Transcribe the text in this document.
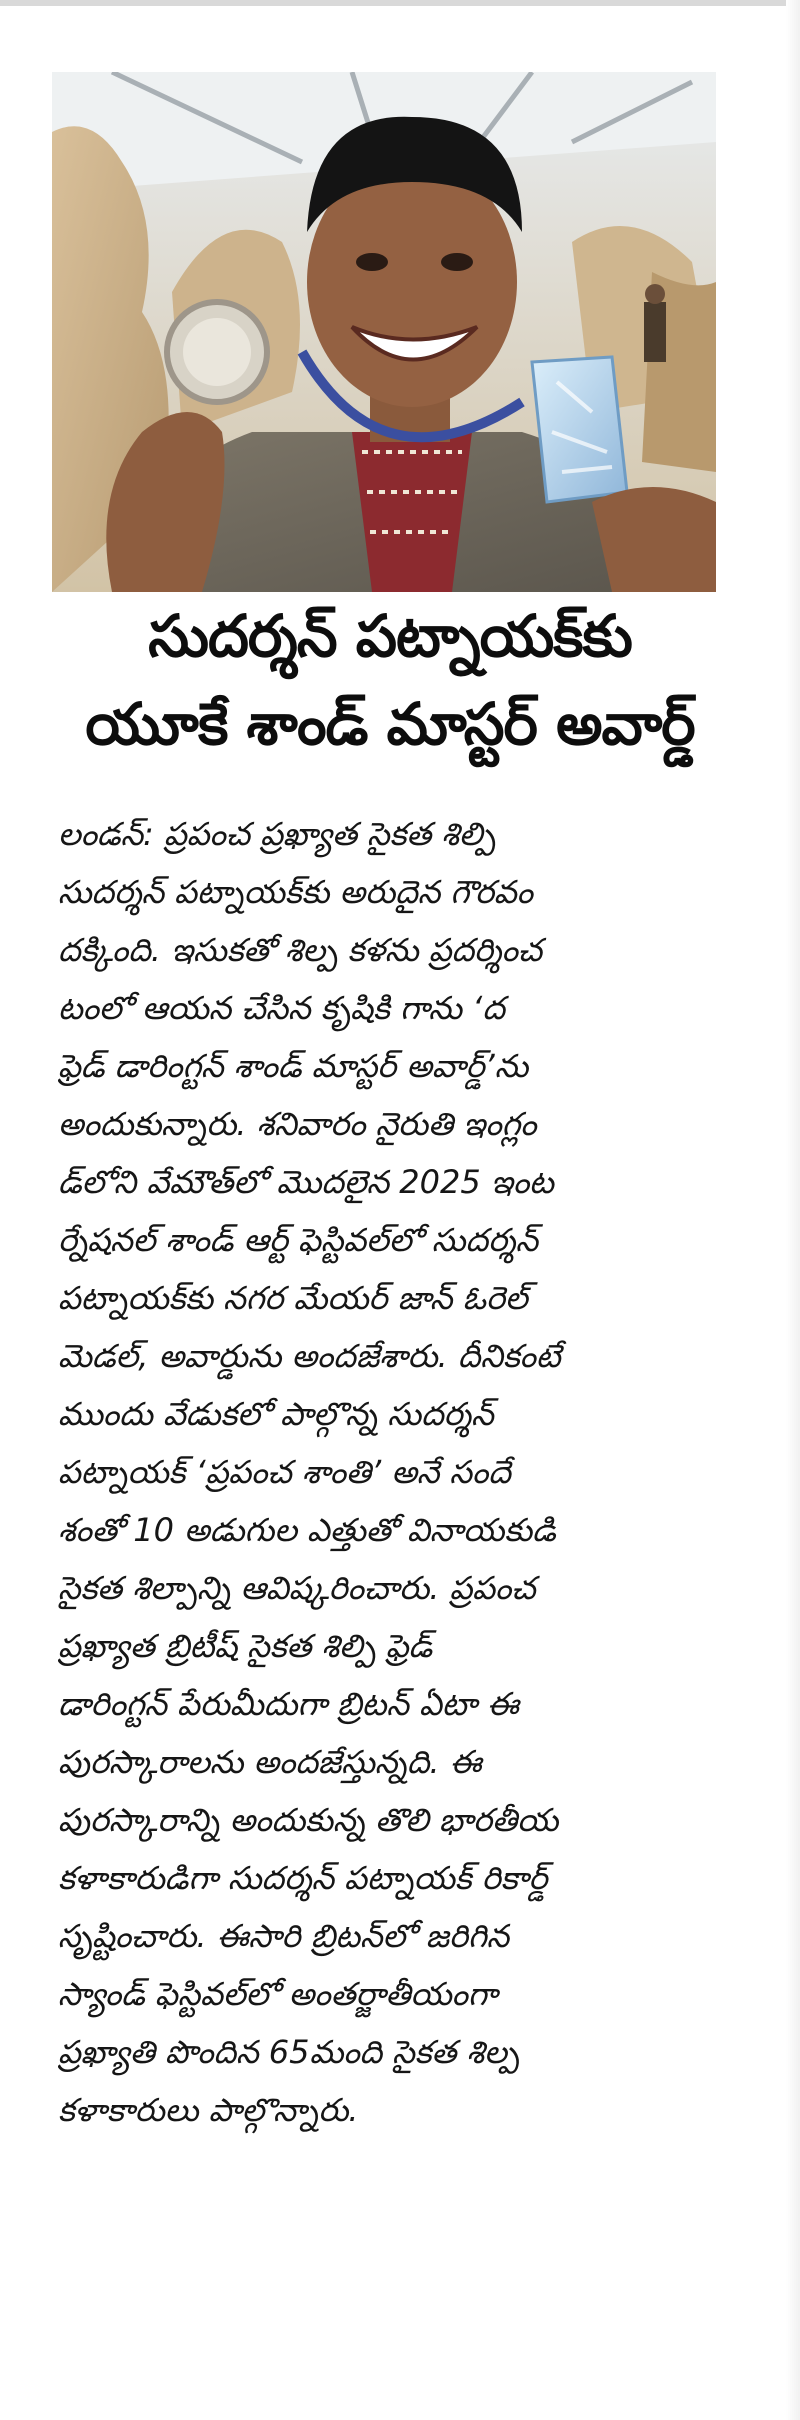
సుదర్శన్ పట్నాయక్‌కు
యూకే శాండ్ మాస్టర్ అవార్డ్
లండన్: ప్రపంచ ప్రఖ్యాత సైకత శిల్పి
సుదర్శన్ పట్నాయక్‌కు అరుదైన గౌరవం
దక్కింది. ఇసుకతో శిల్ప కళను ప్రదర్శించ
టంలో ఆయన చేసిన కృషికి గాను ‘ద
ఫ్రెడ్ డారింగ్టన్ శాండ్ మాస్టర్ అవార్డ్’ను
అందుకున్నారు. శనివారం నైరుతి ఇంగ్లం
డ్‌లోని వేమౌత్‌లో మొదలైన 2025 ఇంట
ర్నేషనల్ శాండ్ ఆర్ట్ ఫెస్టివల్‌లో సుదర్శన్
పట్నాయక్‌కు నగర మేయర్ జాన్ ఓరెల్
మెడల్, అవార్డును అందజేశారు. దీనికంటే
ముందు వేడుకలో పాల్గొన్న సుదర్శన్
పట్నాయక్ ‘ప్రపంచ శాంతి’ అనే సందే
శంతో 10 అడుగుల ఎత్తుతో వినాయకుడి
సైకత శిల్పాన్ని ఆవిష్కరించారు. ప్రపంచ
ప్రఖ్యాత బ్రిటీష్ సైకత శిల్పి ఫ్రెడ్
డారింగ్టన్ పేరుమీదుగా బ్రిటన్ ఏటా ఈ
పురస్కారాలను అందజేస్తున్నది. ఈ
పురస్కారాన్ని అందుకున్న తొలి భారతీయ
కళాకారుడిగా సుదర్శన్ పట్నాయక్ రికార్డ్
సృష్టించారు. ఈసారి బ్రిటన్‌లో జరిగిన
స్యాండ్ ఫెస్టివల్‌లో అంతర్జాతీయంగా
ప్రఖ్యాతి పొందిన 65మంది సైకత శిల్ప
కళాకారులు పాల్గొన్నారు.
